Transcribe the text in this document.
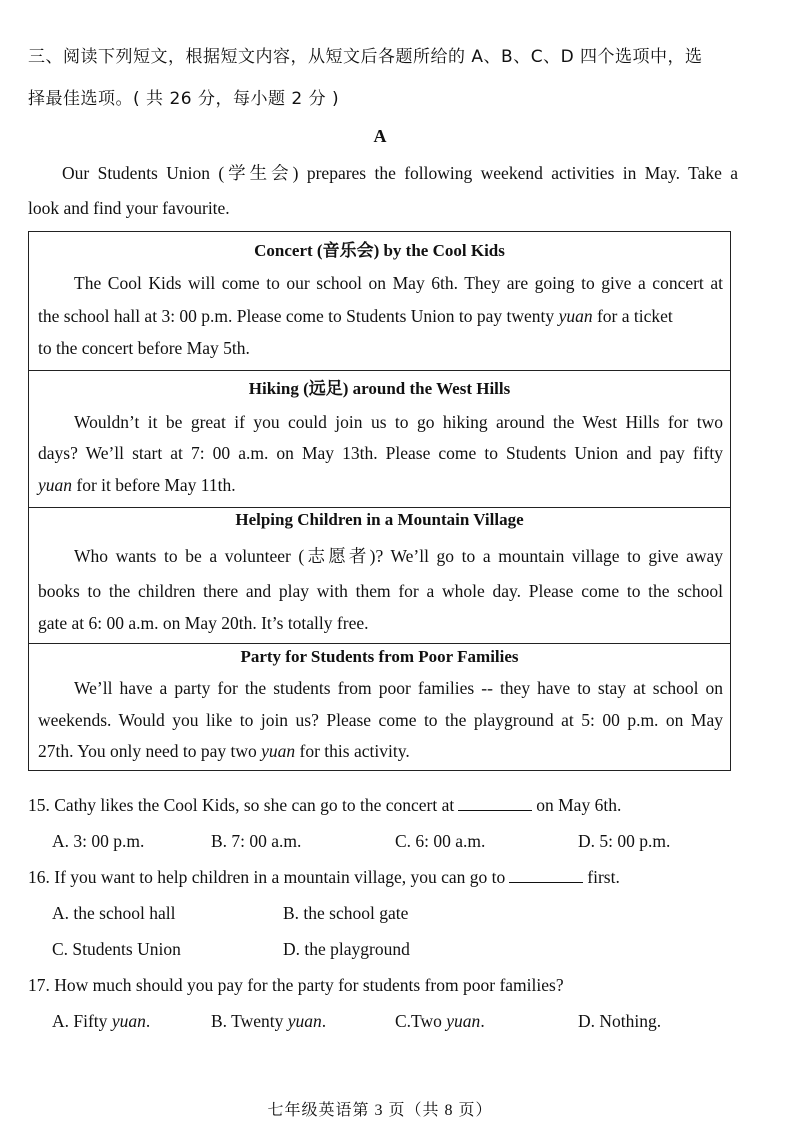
三、阅读下列短文，根据短文内容，从短文后各题所给的 A、B、C、D 四个选项中，选
择最佳选项。( 共 26 分，每小题 2 分 )
A
Our Students Union (学生会) prepares the following weekend activities in May. Take a
look and find your favourite.
Concert (音乐会) by the Cool Kids
The Cool Kids will come to our school on May 6th. They are going to give a concert at
the school hall at 3: 00 p.m. Please come to Students Union to pay twenty yuan for a ticket
to the concert before May 5th.
Hiking (远足) around the West Hills
Wouldn’t it be great if you could join us to go hiking around the West Hills for two
days? We’ll start at 7: 00 a.m. on May 13th. Please come to Students Union and pay fifty
yuan for it before May 11th.
Helping Children in a Mountain Village
Who wants to be a volunteer (志愿者)? We’ll go to a mountain village to give away
books to the children there and play with them for a whole day. Please come to the school
gate at 6: 00 a.m. on May 20th. It’s totally free.
Party for Students from Poor Families
We’ll have a party for the students from poor families -- they have to stay at school on
weekends. Would you like to join us? Please come to the playground at 5: 00 p.m. on May
27th. You only need to pay two yuan for this activity.
15. Cathy likes the Cool Kids, so she can go to the concert at	on May 6th.
A. 3: 00 p.m.	B. 7: 00 a.m.	C. 6: 00 a.m.	D. 5: 00 p.m.
16. If you want to help children in a mountain village, you can go to	first.
A. the school hall	B. the school gate
C. Students Union	D. the playground
17. How much should you pay for the party for students from poor families?
A. Fifty yuan.	B. Twenty yuan.	C.Two yuan.	D. Nothing.
七年级英语第 3 页（共 8 页）
